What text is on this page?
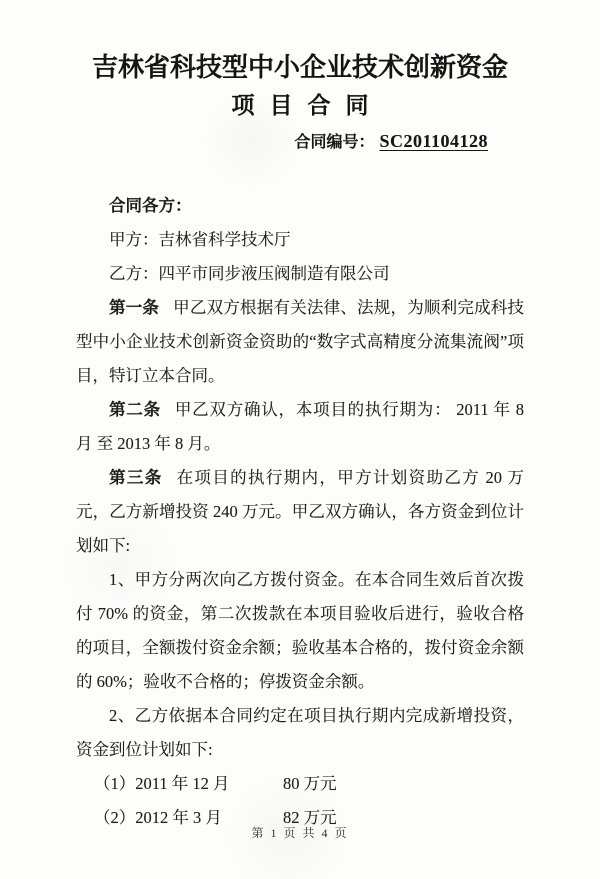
吉林省科技型中小企业技术创新资金
项目合同
合同编号： SC201104128

合同各方：

甲方：吉林省科学技术厅

乙方：四平市同步液压阀制造有限公司

第一条 甲乙双方根据有关法律、法规，为顺利完成科技型中小企业技术创新资金资助的“数字式高精度分流集流阀”项目，特订立本合同。

第二条 甲乙双方确认，本项目的执行期为： 2011 年 8 月 至 2013 年 8 月。

第三条 在项目的执行期内，甲方计划资助乙方 20 万元，乙方新增投资 240 万元。甲乙双方确认，各方资金到位计划如下:

1、甲方分两次向乙方拨付资金。在本合同生效后首次拨付 70% 的资金，第二次拨款在本项目验收后进行，验收合格的项目，全额拨付资金余额；验收基本合格的，拨付资金余额的 60%；验收不合格的；停拨资金余额。

2、乙方依据本合同约定在项目执行期内完成新增投资，资金到位计划如下:

（1）2011 年 12 月	80 万元
（2）2012 年 3 月	82 万元
第 1 页 共 4 页
